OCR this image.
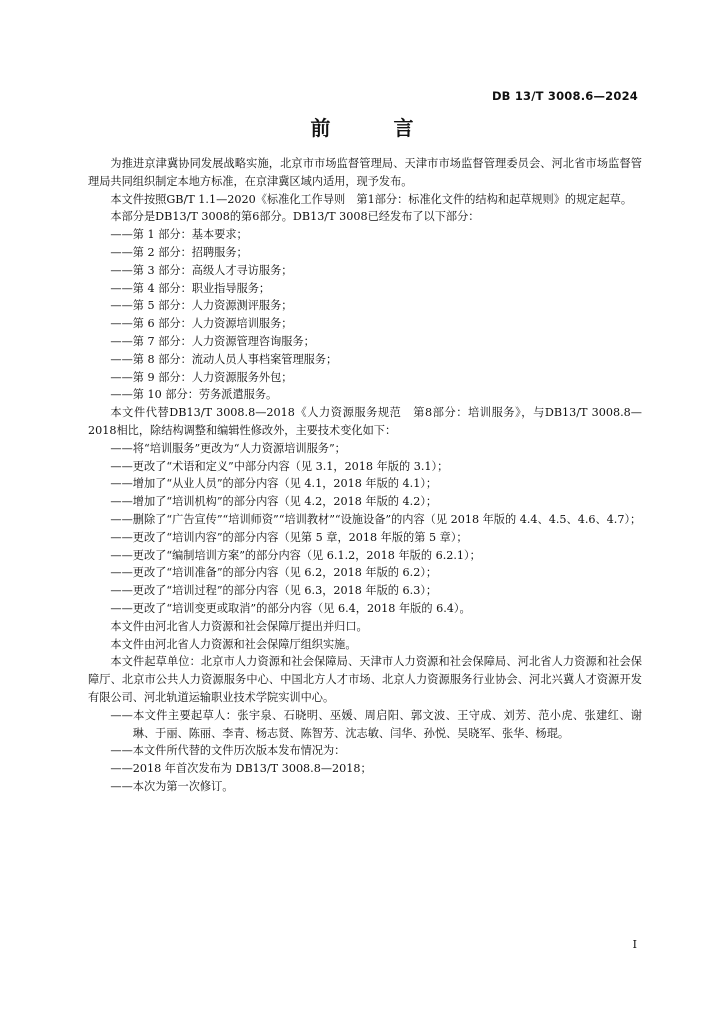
DB 13/T 3008.6—2024
前 言

为推进京津冀协同发展战略实施，北京市市场监督管理局、天津市市场监督管理委员会、河北省市场监督管理局共同组织制定本地方标准，在京津冀区域内适用，现予发布。

本文件按照GB/T 1.1—2020《标准化工作导则　第1部分：标准化文件的结构和起草规则》的规定起草。

本部分是DB13/T 3008的第6部分。DB13/T 3008已经发布了以下部分：

——第 1 部分：基本要求；

——第 2 部分：招聘服务；

——第 3 部分：高级人才寻访服务；

——第 4 部分：职业指导服务；

——第 5 部分：人力资源测评服务；

——第 6 部分：人力资源培训服务；

——第 7 部分：人力资源管理咨询服务；

——第 8 部分：流动人员人事档案管理服务；

——第 9 部分：人力资源服务外包；

——第 10 部分：劳务派遣服务。

本文件代替DB13/T 3008.8—2018《人力资源服务规范　第8部分：培训服务》，与DB13/T 3008.8—2018相比，除结构调整和编辑性修改外，主要技术变化如下：

——将“培训服务”更改为“人力资源培训服务”；

——更改了“术语和定义”中部分内容（见 3.1，2018 年版的 3.1）；

——增加了“从业人员”的部分内容（见 4.1，2018 年版的 4.1）；

——增加了“培训机构”的部分内容（见 4.2，2018 年版的 4.2）；

——删除了“广告宣传”“培训师资”“培训教材”“设施设备”的内容（见 2018 年版的 4.4、4.5、4.6、4.7）；

——更改了“培训内容”的部分内容（见第 5 章，2018 年版的第 5 章）；

——更改了“编制培训方案”的部分内容（见 6.1.2，2018 年版的 6.2.1）；

——更改了“培训准备”的部分内容（见 6.2，2018 年版的 6.2）；

——更改了“培训过程”的部分内容（见 6.3，2018 年版的 6.3）；

——更改了“培训变更或取消”的部分内容（见 6.4，2018 年版的 6.4）。

本文件由河北省人力资源和社会保障厅提出并归口。

本文件由河北省人力资源和社会保障厅组织实施。

本文件起草单位：北京市人力资源和社会保障局、天津市人力资源和社会保障局、河北省人力资源和社会保障厅、北京市公共人力资源服务中心、中国北方人才市场、北京人力资源服务行业协会、河北兴冀人才资源开发有限公司、河北轨道运输职业技术学院实训中心。

——本文件主要起草人：张宇泉、石晓明、巫媛、周启阳、郭文波、王守成、刘芳、范小虎、张建红、谢琳、于丽、陈丽、李青、杨志贤、陈智芳、沈志敏、闫华、孙悦、吴晓军、张华、杨琨。

——本文件所代替的文件历次版本发布情况为：

——2018 年首次发布为 DB13/T 3008.8—2018；

——本次为第一次修订。

I
